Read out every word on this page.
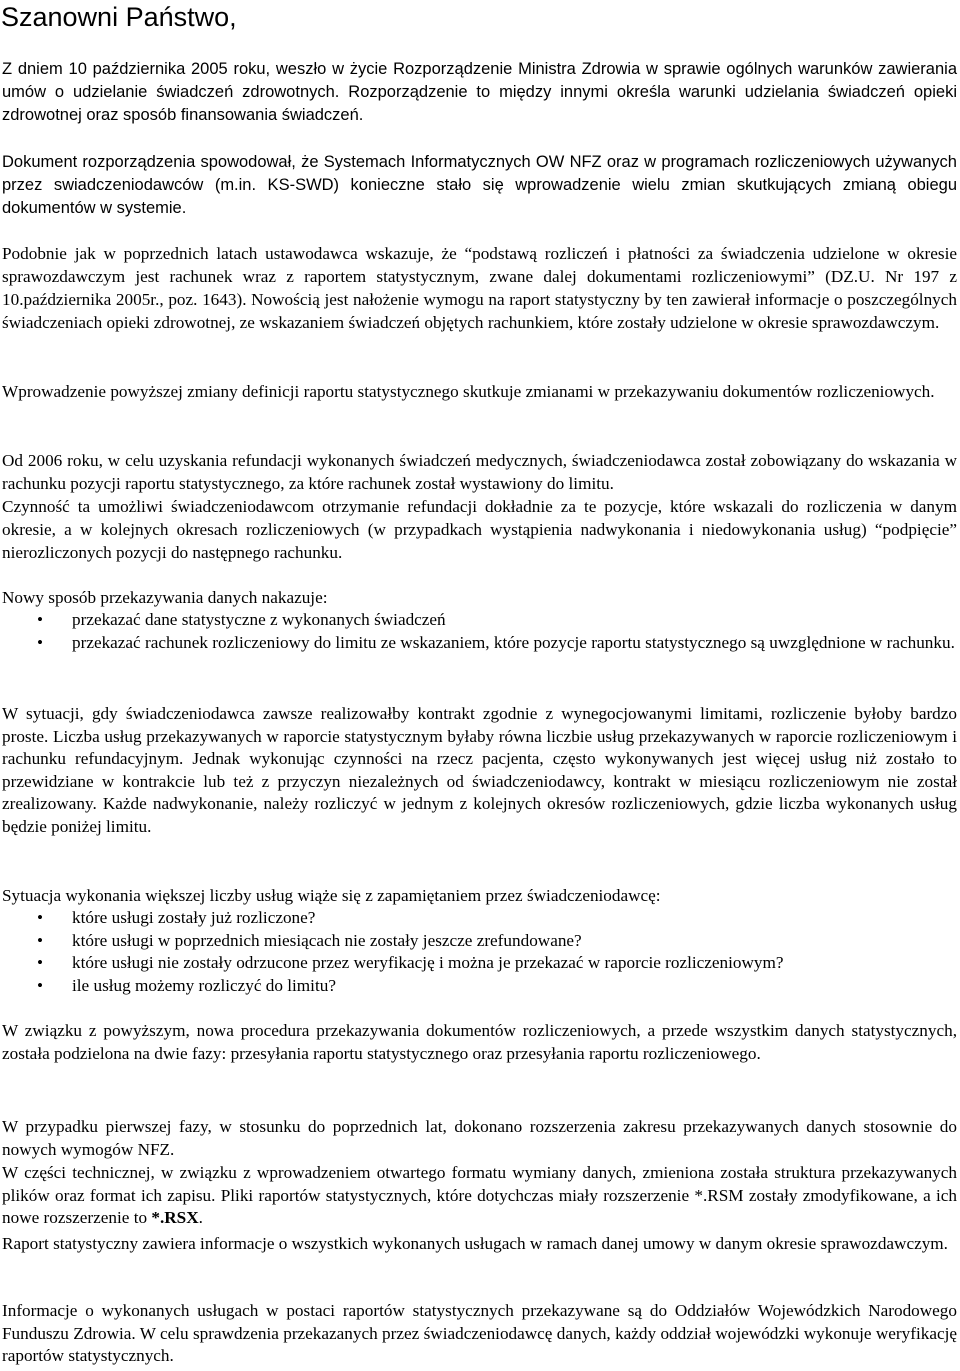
Szanowni Państwo,

Z dniem 10 października 2005 roku, weszło w życie Rozporządzenie Ministra Zdrowia w sprawie ogólnych warunków zawierania umów o udzielanie świadczeń zdrowotnych. Rozporządzenie to między innymi określa warunki udzielania świadczeń opieki zdrowotnej oraz sposób finansowania świadczeń.

Dokument rozporządzenia spowodował, że Systemach Informatycznych OW NFZ oraz w programach rozliczeniowych używanych przez swiadczeniodawców (m.in. KS-SWD) konieczne stało się wprowadzenie wielu zmian skutkujących zmianą obiegu dokumentów w systemie.

Podobnie jak w poprzednich latach ustawodawca wskazuje, że “podstawą rozliczeń i płatności za świadczenia udzielone w okresie sprawozdawczym jest rachunek wraz z raportem statystycznym, zwane dalej dokumentami rozliczeniowymi” (DZ.U. Nr 197 z 10.października 2005r., poz. 1643). Nowością jest nałożenie wymogu na raport statystyczny by ten zawierał informacje o poszczególnych świadczeniach opieki zdrowotnej, ze wskazaniem świadczeń objętych rachunkiem, które zostały udzielone w okresie sprawozdawczym.

Wprowadzenie powyższej zmiany definicji raportu statystycznego skutkuje zmianami w przekazywaniu dokumentów rozliczeniowych.

Od 2006 roku, w celu uzyskania refundacji wykonanych świadczeń medycznych, świadczeniodawca został zobowiązany do wskazania w rachunku pozycji raportu statystycznego, za które rachunek został wystawiony do limitu.

Czynność ta umożliwi świadczeniodawcom otrzymanie refundacji dokładnie za te pozycje, które wskazali do rozliczenia w danym okresie, a w kolejnych okresach rozliczeniowych (w przypadkach wystąpienia nadwykonania i niedowykonania usług) “podpięcie” nierozliczonych pozycji do następnego rachunku.

Nowy sposób przekazywania danych nakazuje:

• przekazać dane statystyczne z wykonanych świadczeń
• przekazać rachunek rozliczeniowy do limitu ze wskazaniem, które pozycje raportu statystycznego są uwzględnione w rachunku.

W sytuacji, gdy świadczeniodawca zawsze realizowałby kontrakt zgodnie z wynegocjowanymi limitami, rozliczenie byłoby bardzo proste. Liczba usług przekazywanych w raporcie statystycznym byłaby równa liczbie usług przekazywanych w raporcie rozliczeniowym i rachunku refundacyjnym. Jednak wykonując czynności na rzecz pacjenta, często wykonywanych jest więcej usług niż zostało to przewidziane w kontrakcie lub też z przyczyn niezależnych od świadczeniodawcy, kontrakt w miesiącu rozliczeniowym nie został zrealizowany. Każde nadwykonanie, należy rozliczyć w jednym z kolejnych okresów rozliczeniowych, gdzie liczba wykonanych usług będzie poniżej limitu.

Sytuacja wykonania większej liczby usług wiąże się z zapamiętaniem przez świadczeniodawcę:

• które usługi zostały już rozliczone?
• które usługi w poprzednich miesiącach nie zostały jeszcze zrefundowane?
• które usługi nie zostały odrzucone przez weryfikację i można je przekazać w raporcie rozliczeniowym?
• ile usług możemy rozliczyć do limitu?

W związku z powyższym, nowa procedura przekazywania dokumentów rozliczeniowych, a przede wszystkim danych statystycznych, została podzielona na dwie fazy: przesyłania raportu statystycznego oraz przesyłania raportu rozliczeniowego.

W przypadku pierwszej fazy, w stosunku do poprzednich lat, dokonano rozszerzenia zakresu przekazywanych danych stosownie do nowych wymogów NFZ.

W części technicznej, w związku z wprowadzeniem otwartego formatu wymiany danych, zmieniona została struktura przekazywanych plików oraz format ich zapisu. Pliki raportów statystycznych, które dotychczas miały rozszerzenie *.RSM zostały zmodyfikowane, a ich nowe rozszerzenie to *.RSX.

Raport statystyczny zawiera informacje o wszystkich wykonanych usługach w ramach danej umowy w danym okresie sprawozdawczym.

Informacje o wykonanych usługach w postaci raportów statystycznych przekazywane są do Oddziałów Wojewódzkich Narodowego Funduszu Zdrowia. W celu sprawdzenia przekazanych przez świadczeniodawcę danych, każdy oddział wojewódzki wykonuje weryfikację raportów statystycznych.
